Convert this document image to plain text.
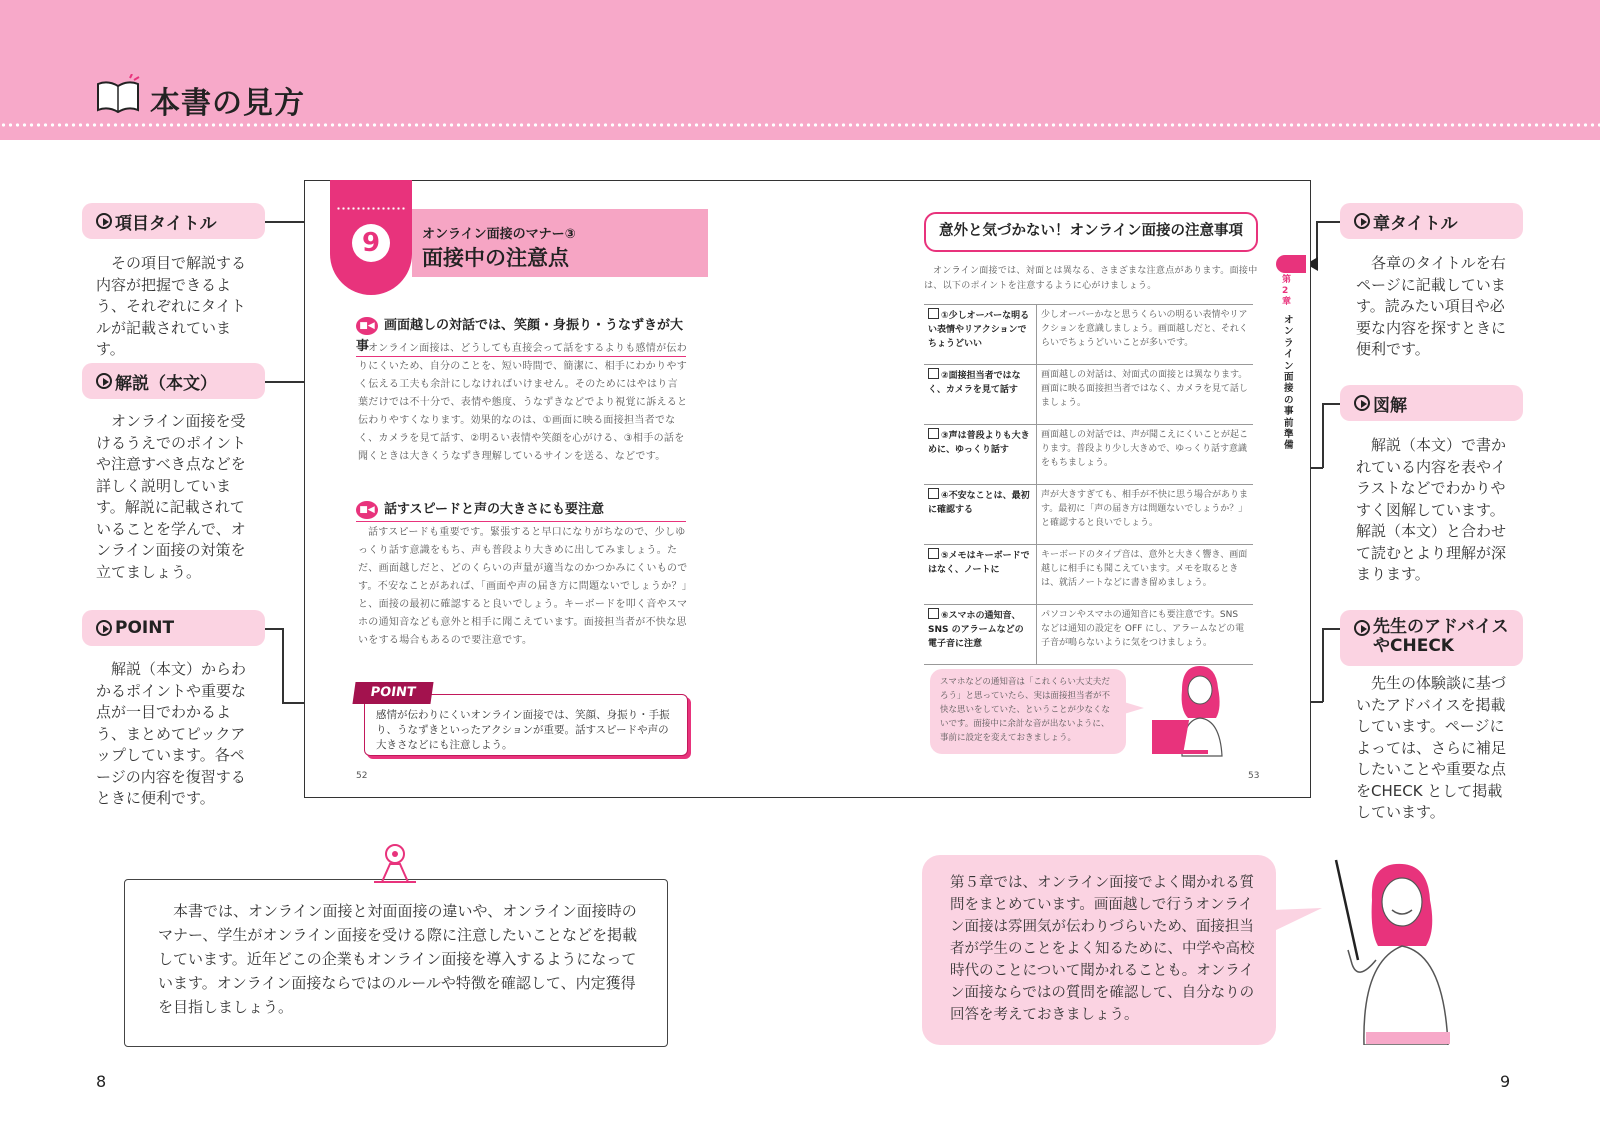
本書の見方
項目タイトル
その項目で解説する内容が把握できるよう、それぞれにタイトルが記載されています。
解説（本文）
オンライン面接を受けるうえでのポイントや注意すべき点などを詳しく説明しています。解説に記載されていることを学んで、オンライン面接の対策を立てましょう。
POINT
解説（本文）からわかるポイントや重要な点が一目でわかるよう、まとめてピックアップしています。各ページの内容を復習するときに便利です。
章タイトル
各章のタイトルを右ページに記載しています。読みたい項目や必要な内容を探すときに便利です。
図解
解説（本文）で書かれている内容を表やイラストなどでわかりやすく図解しています。解説（本文）と合わせて読むとより理解が深まります。
先生のアドバイス
やCHECK
先生の体験談に基づいたアドバイスを掲載しています。ページによっては、さらに補足したいことや重要な点をCHECK として掲載しています。
9	オンライン面接のマナー③
面接中の注意点
■◀ 画面越しの対話では、笑顔・身振り・うなずきが大事
オンライン面接は、どうしても直接会って話をするよりも感情が伝わりにくいため、自分のことを、短い時間で、簡潔に、相手にわかりやすく伝える工夫も余計にしなければいけません。そのためにはやはり言葉だけでは不十分で、表情や態度、うなずきなどでより視覚に訴えると伝わりやすくなります。効果的なのは、①画面に映る面接担当者でなく、カメラを見て話す、②明るい表情や笑顔を心がける、③相手の話を聞くときは大きくうなずき理解しているサインを送る、などです。
■◀ 話すスピードと声の大きさにも要注意
話すスピードも重要です。緊張すると早口になりがちなので、少しゆっくり話す意識をもち、声も普段より大きめに出してみましょう。ただ、画面越しだと、どのくらいの声量が適当なのかつかみにくいものです。不安なことがあれば、「画面や声の届き方に問題ないでしょうか？」と、面接の最初に確認すると良いでしょう。キーボードを叩く音やスマホの通知音なども意外と相手に聞こえています。面接担当者が不快な思いをする場合もあるので要注意です。
POINT
感情が伝わりにくいオンライン面接では、笑顔、身振り・手振り、うなずきといったアクションが重要。話すスピードや声の大きさなどにも注意しよう。
52
意外と気づかない！オンライン面接の注意事項
オンライン面接では、対面とは異なる、さまざまな注意点があります。面接中は、以下のポイントを注意するように心がけましょう。
①少しオーバーな明るい表情やリアクションでちょうどいい	少しオーバーかなと思うくらいの明るい表情やリアクションを意識しましょう。画面越しだと、それくらいでちょうどいいことが多いです。
②面接担当者ではなく、カメラを見て話す	画面越しの対話は、対面式の面接とは異なります。画面に映る面接担当者ではなく、カメラを見て話しましょう。
③声は普段よりも大きめに、ゆっくり話す	画面越しの対話では、声が聞こえにくいことが起こります。普段より少し大きめで、ゆっくり話す意識をもちましょう。
④不安なことは、最初に確認する	声が大きすぎても、相手が不快に思う場合があります。最初に「声の届き方は問題ないでしょうか？」と確認すると良いでしょう。
⑤メモはキーボードではなく、ノートに	キーボードのタイプ音は、意外と大きく響き、画面越しに相手にも聞こえています。メモを取るときは、就活ノートなどに書き留めましょう。
⑥スマホの通知音、SNS のアラームなどの電子音に注意	パソコンやスマホの通知音にも要注意です。SNS などは通知の設定を OFF にし、アラームなどの電子音が鳴らないように気をつけましょう。
スマホなどの通知音は「これくらい大丈夫だろう」と思っていたら、実は面接担当者が不快な思いをしていた、ということが少なくないです。面接中に余計な音が出ないように、事前に設定を変えておきましょう。
第2章
オンライン面接の事前準備
53
本書では、オンライン面接と対面面接の違いや、オンライン面接時のマナー、学生がオンライン面接を受ける際に注意したいことなどを掲載しています。近年どこの企業もオンライン面接を導入するようになっています。オンライン面接ならではのルールや特徴を確認して、内定獲得を目指しましょう。
第５章では、オンライン面接でよく聞かれる質問をまとめています。画面越しで行うオンライン面接は雰囲気が伝わりづらいため、面接担当者が学生のことをよく知るために、中学や高校時代のことについて聞かれることも。オンライン面接ならではの質問を確認して、自分なりの回答を考えておきましょう。
8	9
